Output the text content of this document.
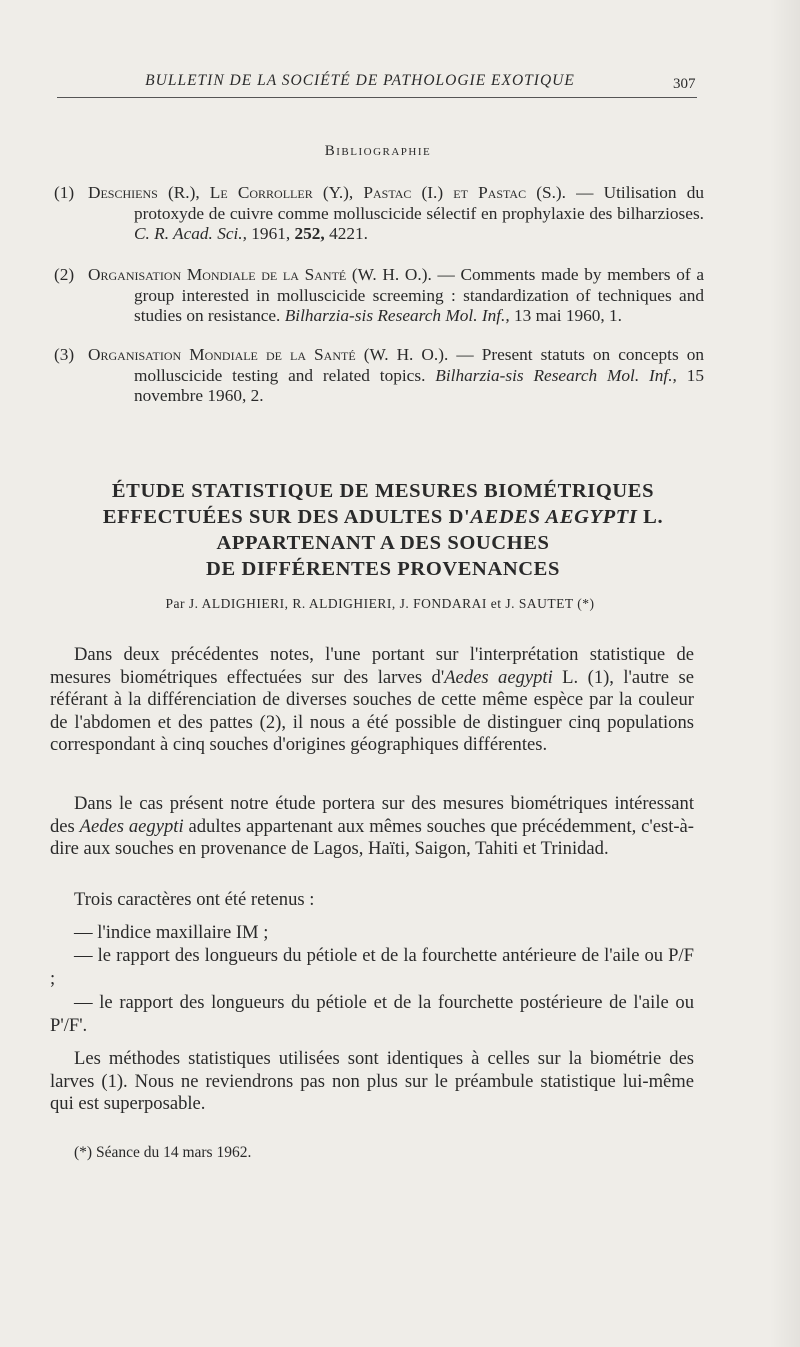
BULLETIN DE LA SOCIÉTÉ DE PATHOLOGIE EXOTIQUE	307
Bibliographie
(1) Deschiens (R.), Le Corroller (Y.), Pastac (I.) et Pastac (S.). — Utilisation du protoxyde de cuivre comme molluscicide sélectif en prophylaxie des bilharzioses. C. R. Acad. Sci., 1961, 252, 4221.
(2) Organisation Mondiale de la Santé (W. H. O.). — Comments made by members of a group interested in molluscicide screeming : standardization of techniques and studies on resistance. Bilharzia-sis Research Mol. Inf., 13 mai 1960, 1.
(3) Organisation Mondiale de la Santé (W. H. O.). — Present statuts on concepts on molluscicide testing and related topics. Bilharzia-sis Research Mol. Inf., 15 novembre 1960, 2.
ÉTUDE STATISTIQUE DE MESURES BIOMÉTRIQUES
EFFECTUÉES SUR DES ADULTES D'AEDES AEGYPTI L.
APPARTENANT A DES SOUCHES
DE DIFFÉRENTES PROVENANCES
Par J. ALDIGHIERI, R. ALDIGHIERI, J. FONDARAI et J. SAUTET (*)

Dans deux précédentes notes, l'une portant sur l'interprétation statistique de mesures biométriques effectuées sur des larves d'Aedes aegypti L. (1), l'autre se référant à la différenciation de diverses souches de cette même espèce par la couleur de l'abdomen et des pattes (2), il nous a été possible de distinguer cinq populations correspondant à cinq souches d'origines géographiques différentes.

Dans le cas présent notre étude portera sur des mesures biométriques intéressant des Aedes aegypti adultes appartenant aux mêmes souches que précédemment, c'est-à-dire aux souches en provenance de Lagos, Haïti, Saigon, Tahiti et Trinidad.

Trois caractères ont été retenus :

— l'indice maxillaire IM ;

— le rapport des longueurs du pétiole et de la fourchette antérieure de l'aile ou P/F ;

— le rapport des longueurs du pétiole et de la fourchette postérieure de l'aile ou P'/F'.

Les méthodes statistiques utilisées sont identiques à celles sur la biométrie des larves (1). Nous ne reviendrons pas non plus sur le préambule statistique lui-même qui est superposable.

(*) Séance du 14 mars 1962.
